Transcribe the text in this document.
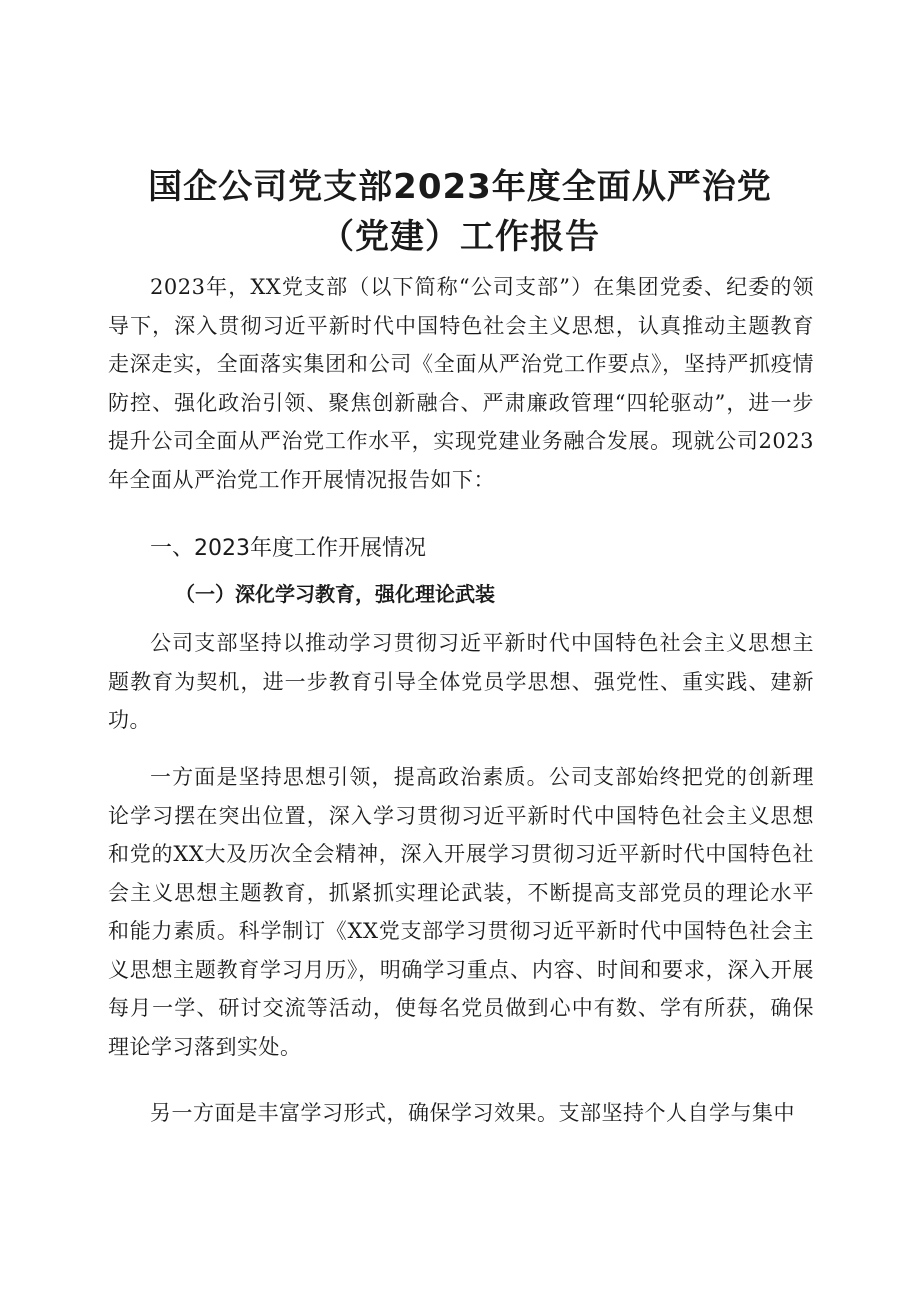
国企公司党支部2023年度全面从严治党（党建）工作报告

2023年，XX党支部（以下简称“公司支部”）在集团党委、纪委的领导下，深入贯彻习近平新时代中国特色社会主义思想，认真推动主题教育走深走实，全面落实集团和公司《全面从严治党工作要点》，坚持严抓疫情防控、强化政治引领、聚焦创新融合、严肃廉政管理“四轮驱动”，进一步提升公司全面从严治党工作水平，实现党建业务融合发展。现就公司2023年全面从严治党工作开展情况报告如下：

一、2023年度工作开展情况
（一）深化学习教育，强化理论武装

公司支部坚持以推动学习贯彻习近平新时代中国特色社会主义思想主题教育为契机，进一步教育引导全体党员学思想、强党性、重实践、建新功。

一方面是坚持思想引领，提高政治素质。公司支部始终把党的创新理论学习摆在突出位置，深入学习贯彻习近平新时代中国特色社会主义思想和党的XX大及历次全会精神，深入开展学习贯彻习近平新时代中国特色社会主义思想主题教育，抓紧抓实理论武装，不断提高支部党员的理论水平和能力素质。科学制订《XX党支部学习贯彻习近平新时代中国特色社会主义思想主题教育学习月历》，明确学习重点、内容、时间和要求，深入开展每月一学、研讨交流等活动，使每名党员做到心中有数、学有所获，确保理论学习落到实处。

另一方面是丰富学习形式，确保学习效果。支部坚持个人自学与集中
